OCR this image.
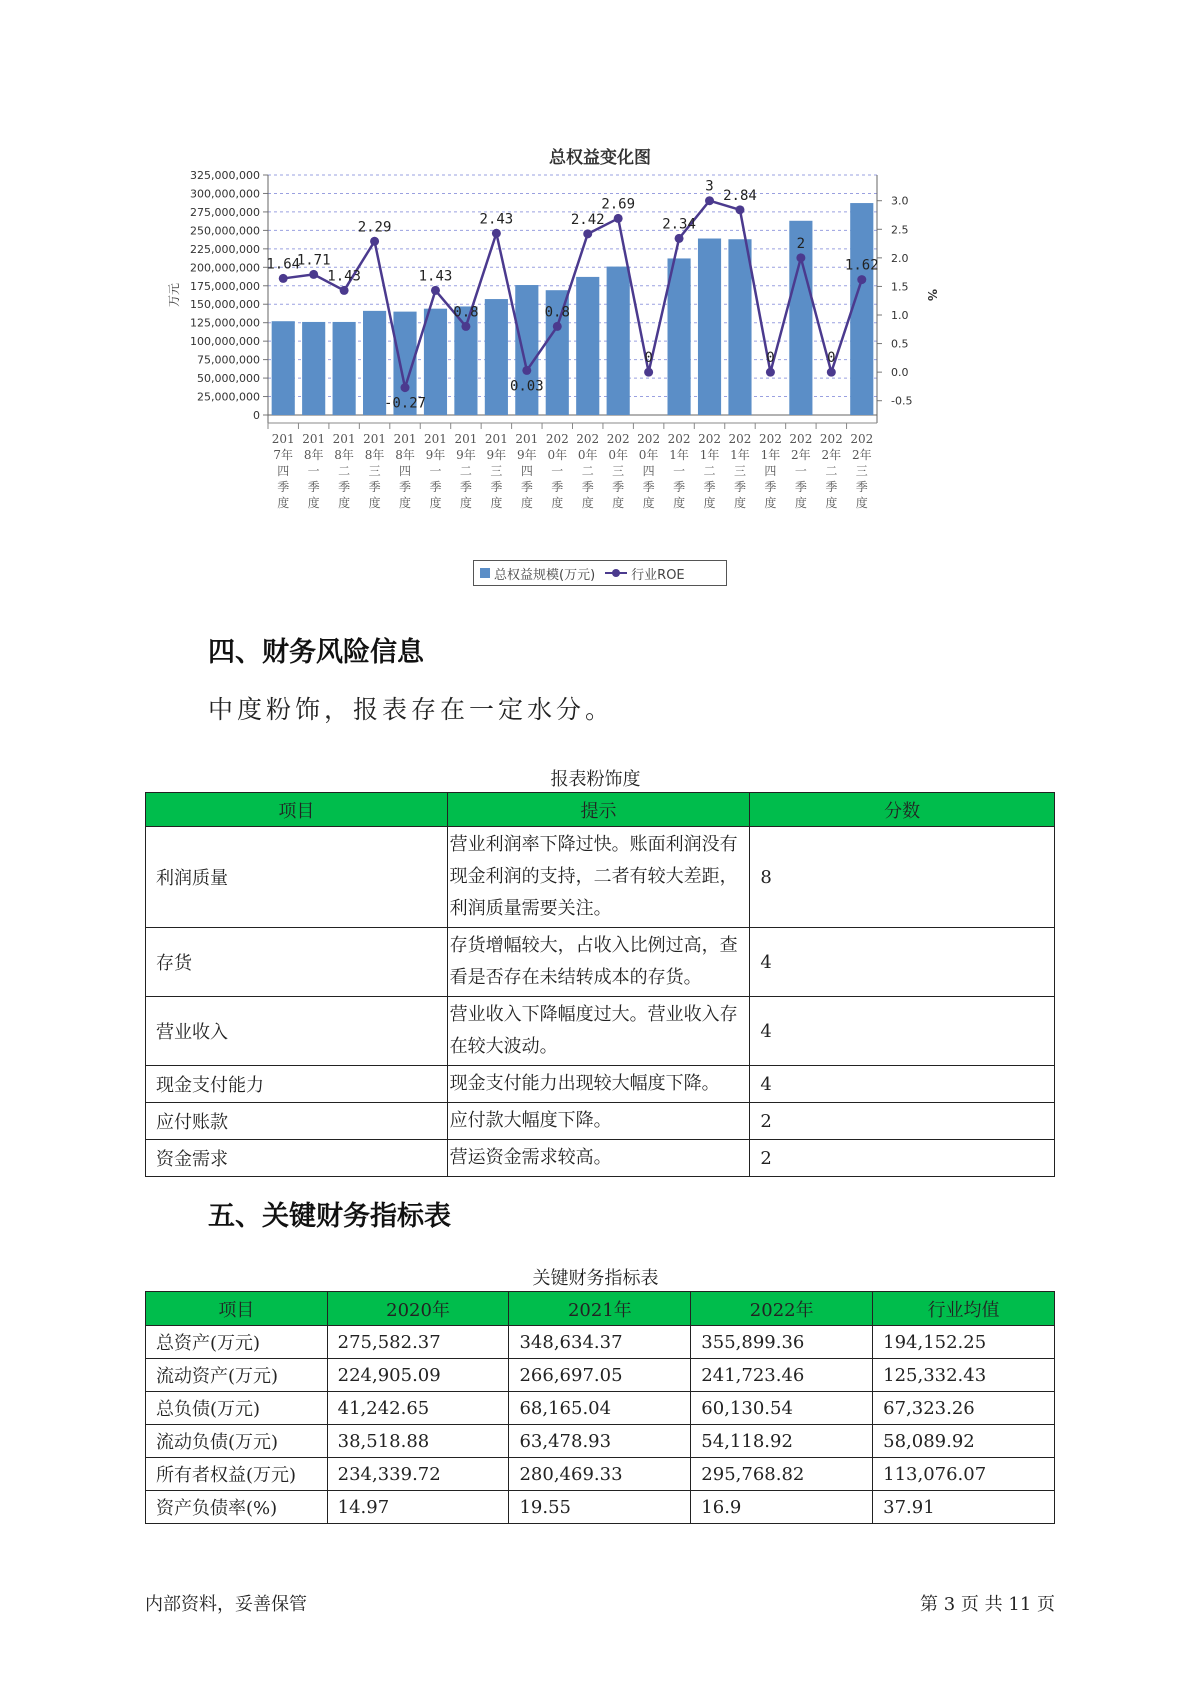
总权益变化图
0
25,000,000
50,000,000
75,000,000
100,000,000
125,000,000
150,000,000
175,000,000
200,000,000
225,000,000
250,000,000
275,000,000
300,000,000
325,000,000
-0.5
0.0
0.5
1.0
1.5
2.0
2.5
3.0
万元	%
201
7年
四
季
度
201
8年
一
季
度
201
8年
二
季
度
201
8年
三
季
度
201
8年
四
季
度
201
9年
一
季
度
201
9年
二
季
度
201
9年
三
季
度
201
9年
四
季
度
202
0年
一
季
度
202
0年
二
季
度
202
0年
三
季
度
202
0年
四
季
度
202
1年
一
季
度
202
1年
二
季
度
202
1年
三
季
度
202
1年
四
季
度
202
2年
一
季
度
202
2年
二
季
度
202
2年
三
季
度
1.64
1.71
1.43
2.29
-0.27
1.43
0.8
2.43
0.03
0.8
2.42
2.69
0
2.34
3
2.84
0
2
0
1.62
总权益规模(万元)	行业ROE
四、财务风险信息
中度粉饰，报表存在一定水分。
报表粉饰度
项目	提示	分数
利润质量	营业利润率下降过快。账面利润没有现金利润的支持，二者有较大差距，利润质量需要关注。	8
存货	存货增幅较大，占收入比例过高，查看是否存在未结转成本的存货。	4
营业收入	营业收入下降幅度过大。营业收入存在较大波动。	4
现金支付能力	现金支付能力出现较大幅度下降。	4
应付账款	应付款大幅度下降。	2
资金需求	营运资金需求较高。	2
五、关键财务指标表
关键财务指标表
项目	2020年	2021年	2022年	行业均值
总资产(万元)	275,582.37	348,634.37	355,899.36	194,152.25
流动资产(万元)	224,905.09	266,697.05	241,723.46	125,332.43
总负债(万元)	41,242.65	68,165.04	60,130.54	67,323.26
流动负债(万元)	38,518.88	63,478.93	54,118.92	58,089.92
所有者权益(万元)	234,339.72	280,469.33	295,768.82	113,076.07
资产负债率(%)	14.97	19.55	16.9	37.91
内部资料，妥善保管	第 3 页 共 11 页
